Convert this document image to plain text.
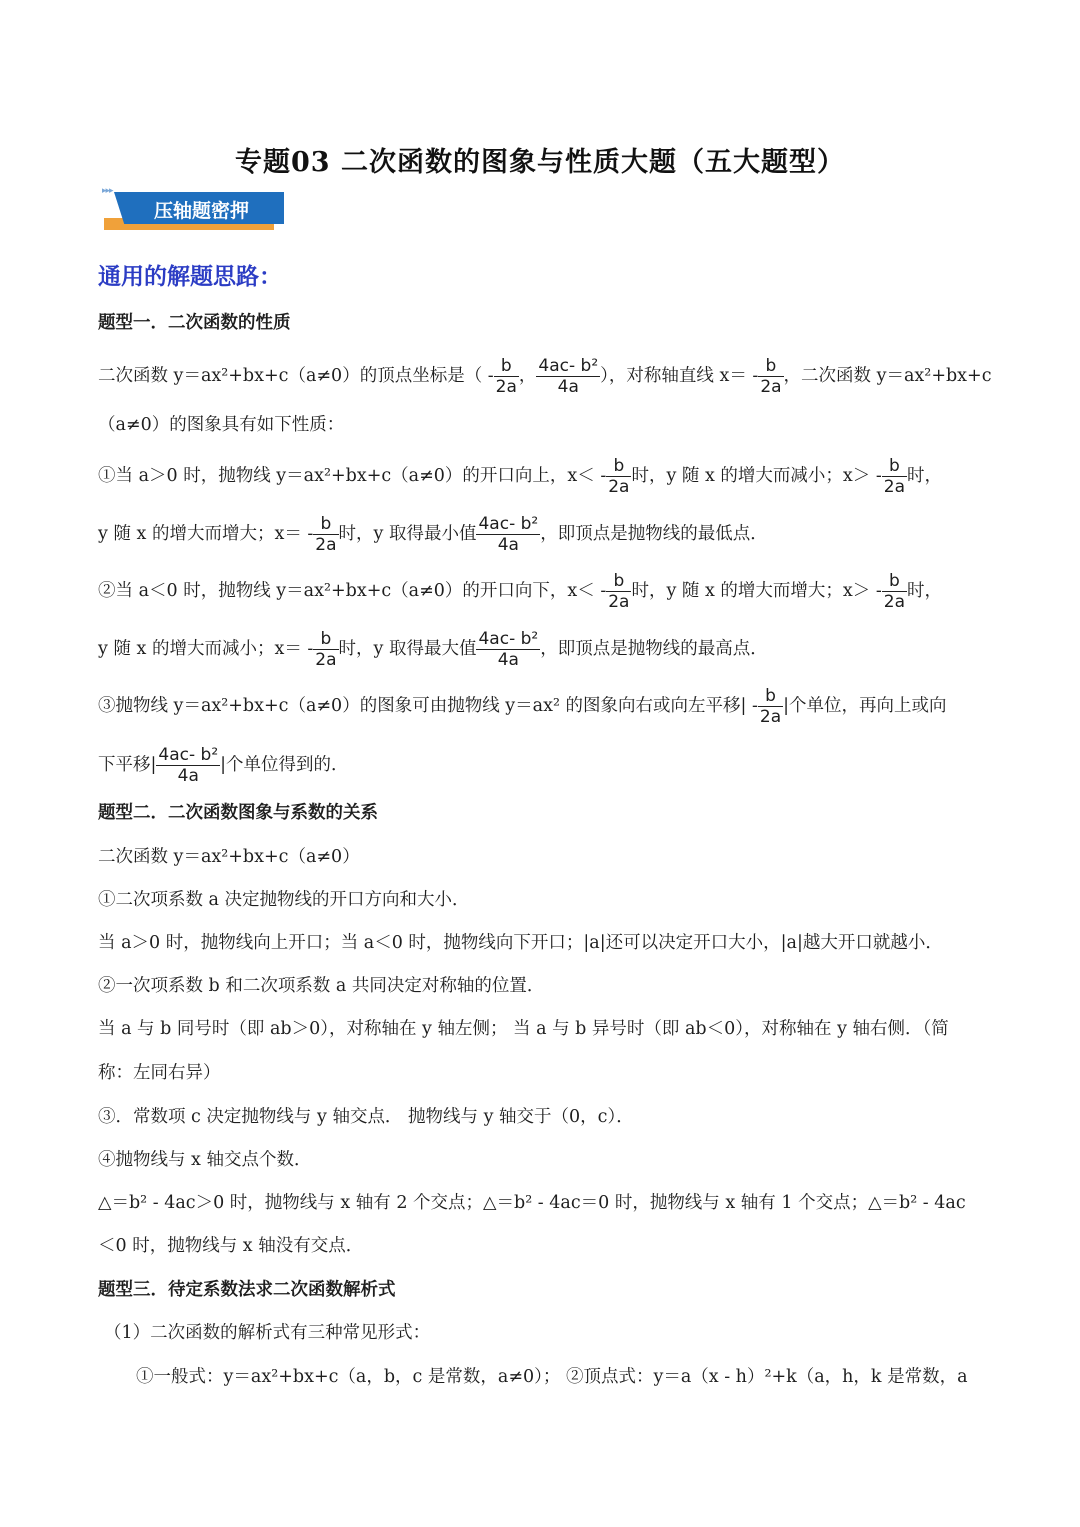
专题03 二次函数的图象与性质大题（五大题型）
▸▸▸
压轴题密押
通用的解题思路：
题型一．二次函数的性质
二次函数 y＝ax²+bx+c（a≠0）的顶点坐标是（ - $\frac{b}{2a}$ ， $\frac{\text{4ac- b²}}{4a}$ ），对称轴直线 $x= - \frac{b}{2a}$ ，二次函数 y＝ax²+bx+c
（a≠0）的图象具有如下性质：
①当 a＞0 时，抛物线 y＝ax²+bx+c（a≠0）的开口向上，$x< - \frac{b}{2a}$ 时，y 随 x 的增大而减小；$x> - \frac{b}{2a}$ 时，
y 随 x 的增大而增大；$x= - \frac{b}{2a}$ 时，y 取得最小值 $\frac{\text{4ac- b²}}{4a}$ ，即顶点是抛物线的最低点．
②当 a＜0 时，抛物线 y＝ax²+bx+c（a≠0）的开口向下，$x< - \frac{b}{2a}$ 时，y 随 x 的增大而增大；$x> - \frac{b}{2a}$ 时，
y 随 x 的增大而减小；$x= - \frac{b}{2a}$ 时，y 取得最大值 $\frac{\text{4ac- b²}}{4a}$ ，即顶点是抛物线的最高点．
③抛物线 y＝ax²+bx+c（a≠0）的图象可由抛物线 y＝ax² 的图象向右或向左平移| - $\frac{b}{2a}$ |个单位，再向上或向
下平移| $\frac{\text{4ac- b²}}{4a}$ |个单位得到的．
题型二．二次函数图象与系数的关系
二次函数 y＝ax²+bx+c（a≠0）
①二次项系数 a 决定抛物线的开口方向和大小．
当 a＞0 时，抛物线向上开口；当 a＜0 时，抛物线向下开口；|a|还可以决定开口大小，|a|越大开口就越小．
②一次项系数 b 和二次项系数 a 共同决定对称轴的位置．
当 a 与 b 同号时（即 ab＞0），对称轴在 y 轴左侧； 当 a 与 b 异号时（即 ab＜0），对称轴在 y 轴右侧．（简
称：左同右异）
③．常数项 c 决定抛物线与 y 轴交点． 抛物线与 y 轴交于（0，c）．
④抛物线与 x 轴交点个数．
△＝b² - 4ac＞0 时，抛物线与 x 轴有 2 个交点；△＝b² - 4ac＝0 时，抛物线与 x 轴有 1 个交点；△＝b² - 4ac
＜0 时，抛物线与 x 轴没有交点．
题型三．待定系数法求二次函数解析式
（1）二次函数的解析式有三种常见形式：
①一般式：y＝ax²+bx+c（a，b，c 是常数，a≠0）； ②顶点式：y＝a（x - h）²+k（a，h，k 是常数，a
